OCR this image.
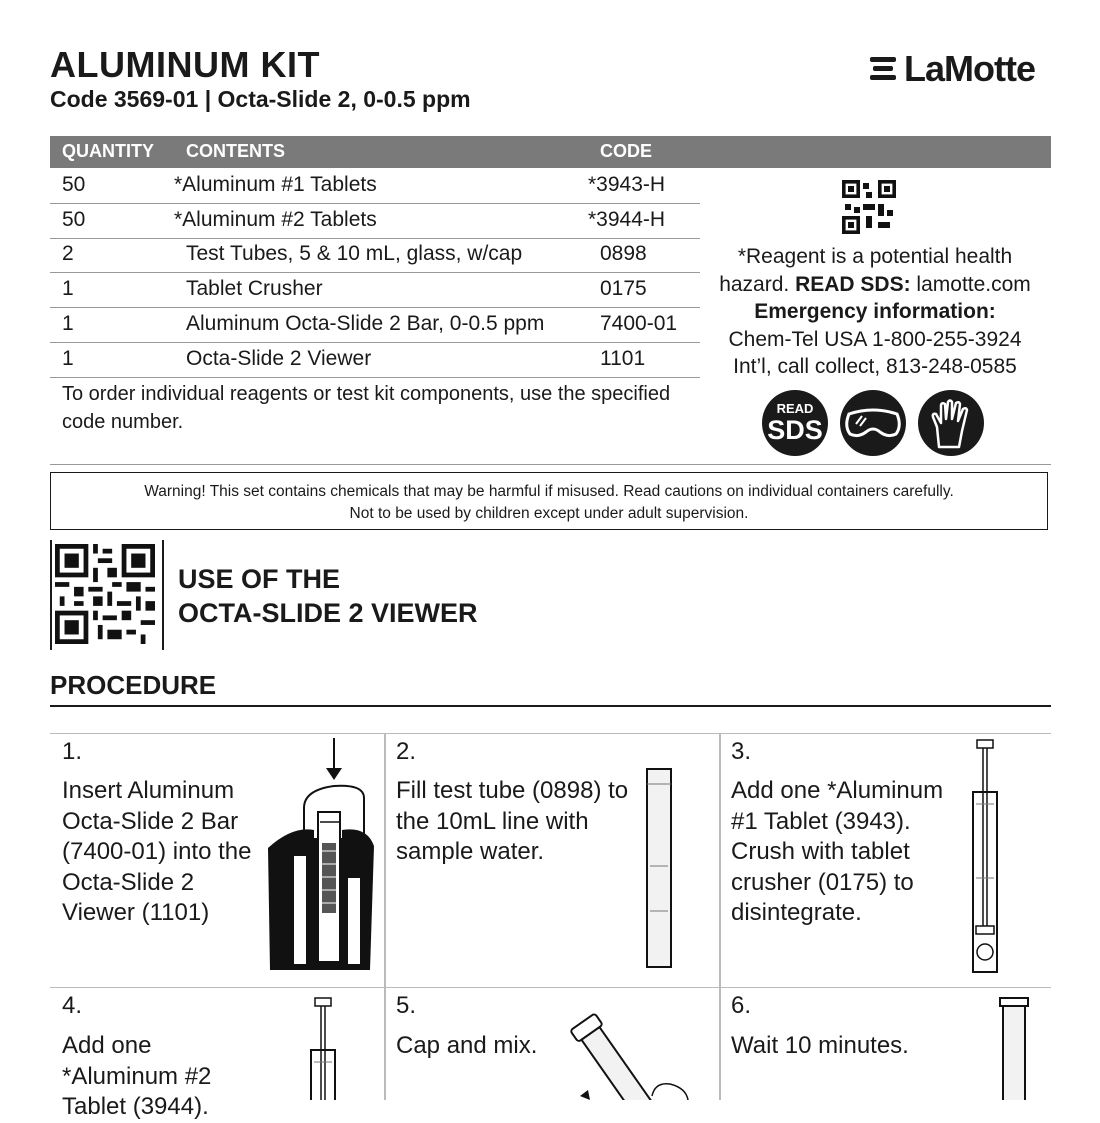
ALUMINUM KIT
Code 3569-01 | Octa-Slide 2, 0-0.5 ppm
LaMotte
QUANTITY CONTENTS	CODE
50	*Aluminum #1 Tablets	*3943-H
50	*Aluminum #2 Tablets	*3944-H
2	Test Tubes, 5 & 10 mL, glass, w/cap	0898
1	Tablet Crusher	0175
1	Aluminum Octa-Slide 2 Bar, 0-0.5 ppm	7400-01
1	Octa-Slide 2 Viewer	1101
To order individual reagents or test kit components, use the specified code number.
*Reagent is a potential health
hazard. READ SDS: lamotte.com
Emergency information:
Chem-Tel USA 1-800-255-3924
Int’l, call collect, 813-248-0585
READ
SDS
Warning! This set contains chemicals that may be harmful if misused. Read cautions on individual containers carefully.
Not to be used by children except under adult supervision.
USE OF THE
OCTA-SLIDE 2 VIEWER
PROCEDURE
1.
Insert Aluminum Octa-Slide 2 Bar (7400-01) into the Octa-Slide 2 Viewer (1101)
2.
Fill test tube (0898) to the 10mL line with sample water.
3.
Add one *Aluminum #1 Tablet (3943). Crush with tablet crusher (0175) to disintegrate.
4.
Add one *Aluminum #2 Tablet (3944).
5.
Cap and mix.
6.
Wait 10 minutes.
